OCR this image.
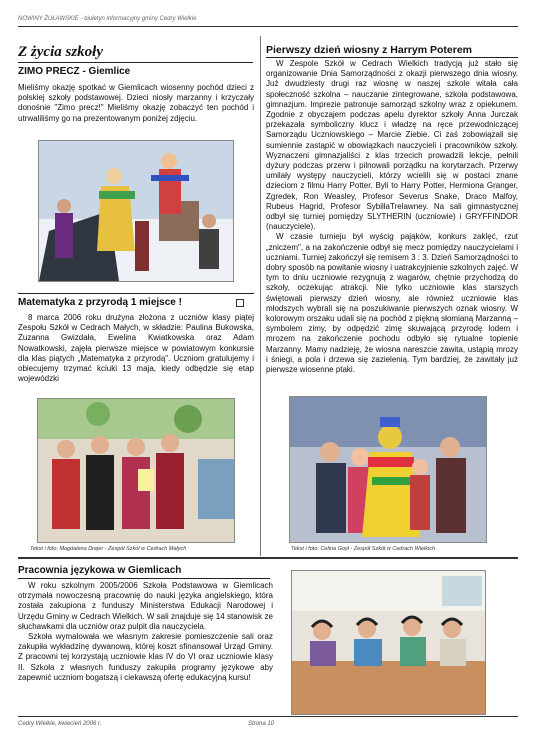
NOWINY ŻUŁAWSKIE - biuletyn informacyjny gminy Cedry Wielkie
Z życia szkoły
ZIMO PRECZ - Giemlice

Mieliśmy okazję spotkać w Giemlicach wiosenny pochód dzieci z polskiej szkoły podstawowej. Dzieci niosły marzanny i krzyczały donośnie "Zimo precz!" Mieliśmy okazję zobaczyć ten pochód i utrwaliliśmy go na prezentowanym poniżej zdjęciu.

Matematyka z przyrodą 1 miejsce !

8 marca 2006 roku drużyna złożona z uczniów klasy piątej Zespołu Szkół w Cedrach Małych, w składzie: Paulina Bukowska, Zuzanna Gwizdała, Ewelina Kwiatkowska oraz Adam Nowatkowski, zajęła pierwsze miejsce w powiatowym konkursie dla klas piątych „Matematyka z przyrodą". Uczniom gratulujemy i obiecujemy trzymać kciuki 13 maja, kiedy odbędzie się etap wojewódzki

Tekst i foto: Magdalena Drejer - Zespół Szkół w Cedrach Małych
Pierwszy dzień wiosny z Harrym Poterem

W Zespole Szkół w Cedrach Wielkich tradycją już stało się organizowanie Dnia Samorządności z okazji pierwszego dnia wiosny. Już dwudziesty drugi raz wiosnę w naszej szkole witała cała społeczność szkolna – nauczanie zintegrowane, szkoła podstawowa, gimnazjum. Imprezie patronuje samorząd szkolny wraz z opiekunem. Zgodnie z obyczajem podczas apelu dyrektor szkoły Anna Jurczak przekazała symboliczny klucz i władzę na ręce przewodniczącej Samorządu Uczniowskiego – Marcie Ziebie. Ci zaś zobowiązali się sumiennie zastąpić w obowiązkach nauczycieli i pracowników szkoły. Wyznaczeni gimnazjaliści z klas trzecich prowadzili lekcje, pełnili dyżury podczas przerw i pilnowali porządku na korytarzach. Przerwy umilały występy nauczycieli, którzy wcielili się w postaci znane dzieciom z filmu Harry Potter. Byli to Harry Potter, Hermiona Granger, Zgredek, Ron Weasley, Profesor Severus Snake, Draco Malfoy, Rubeus Hagrid, Profesor SybillaTrelawney. Na sali gimnastycznej odbył się turniej pomiędzy SLYTHERIN (uczniowie) i GRYFFINDOR (nauczyciele).

W czasie turnieju był wyścig pająków, konkurs zaklęć, rzut „zniczem", a na zakończenie odbył się mecz pomiędzy nauczycielami i uczniami. Turniej zakończył się remisem 3 : 3. Dzień Samorządności to dobry sposób na powitanie wiosny i uatrakcyjnienie szkolnych zajęć. W tym to dniu uczniowie rezygnują z wagarów, chętnie przychodzą do szkoły, oczekując atrakcji. Nie tylko uczniowie klas starszych świętowali pierwszy dzień wiosny, ale również uczniowie klas młodszych wybrali się na poszukiwanie pierwszych oznak wiosny. W kolorowym orszaku udali się na pochód z piękną słomianą Marzanną – symbolem zimy, by odpędzić zimę skuwającą przyrodę lodem i mrozem na zakończenie pochodu odbyło się rytualne topienie Marzanny. Mamy nadzieję, że wiosna nareszcie zawita, ustąpią mrozy i śniegi, a pola i drzewa się zazielenią. Tym bardziej, że zawitały już pierwsze wiosenne ptaki.

Tekst i foto: Celina Goył - Zespół Szkół w Cedrach Wielkich
Pracownia językowa w Giemlicach

W roku szkolnym 2005/2006 Szkoła Podstawowa w Giemlicach otrzymała nowoczesną pracownię do nauki języka angielskiego, która została zakupiona z funduszy Ministerstwa Edukacji Narodowej i Urzędu Gminy w Cedrach Wielkich. W sali znajduje się 14 stanowisk ze słuchawkami dla uczniów oraz pulpit dla nauczyciela.

Szkoła wymalowała we własnym zakresie pomieszczenie sali oraz zakupiła wykładzinę dywanową, której koszt sfinansował Urząd Gminy. Z pracowni tej korzystają uczniowie klas IV do VI oraz uczniowie klasy II. Szkoła z własnych funduszy zakupiła programy językowe aby zapewnić uczniom bogatszą i ciekawszą ofertę edukacyjną kursu!

Cedry Wielkie, kwiecień 2006 r.	Strona 10
